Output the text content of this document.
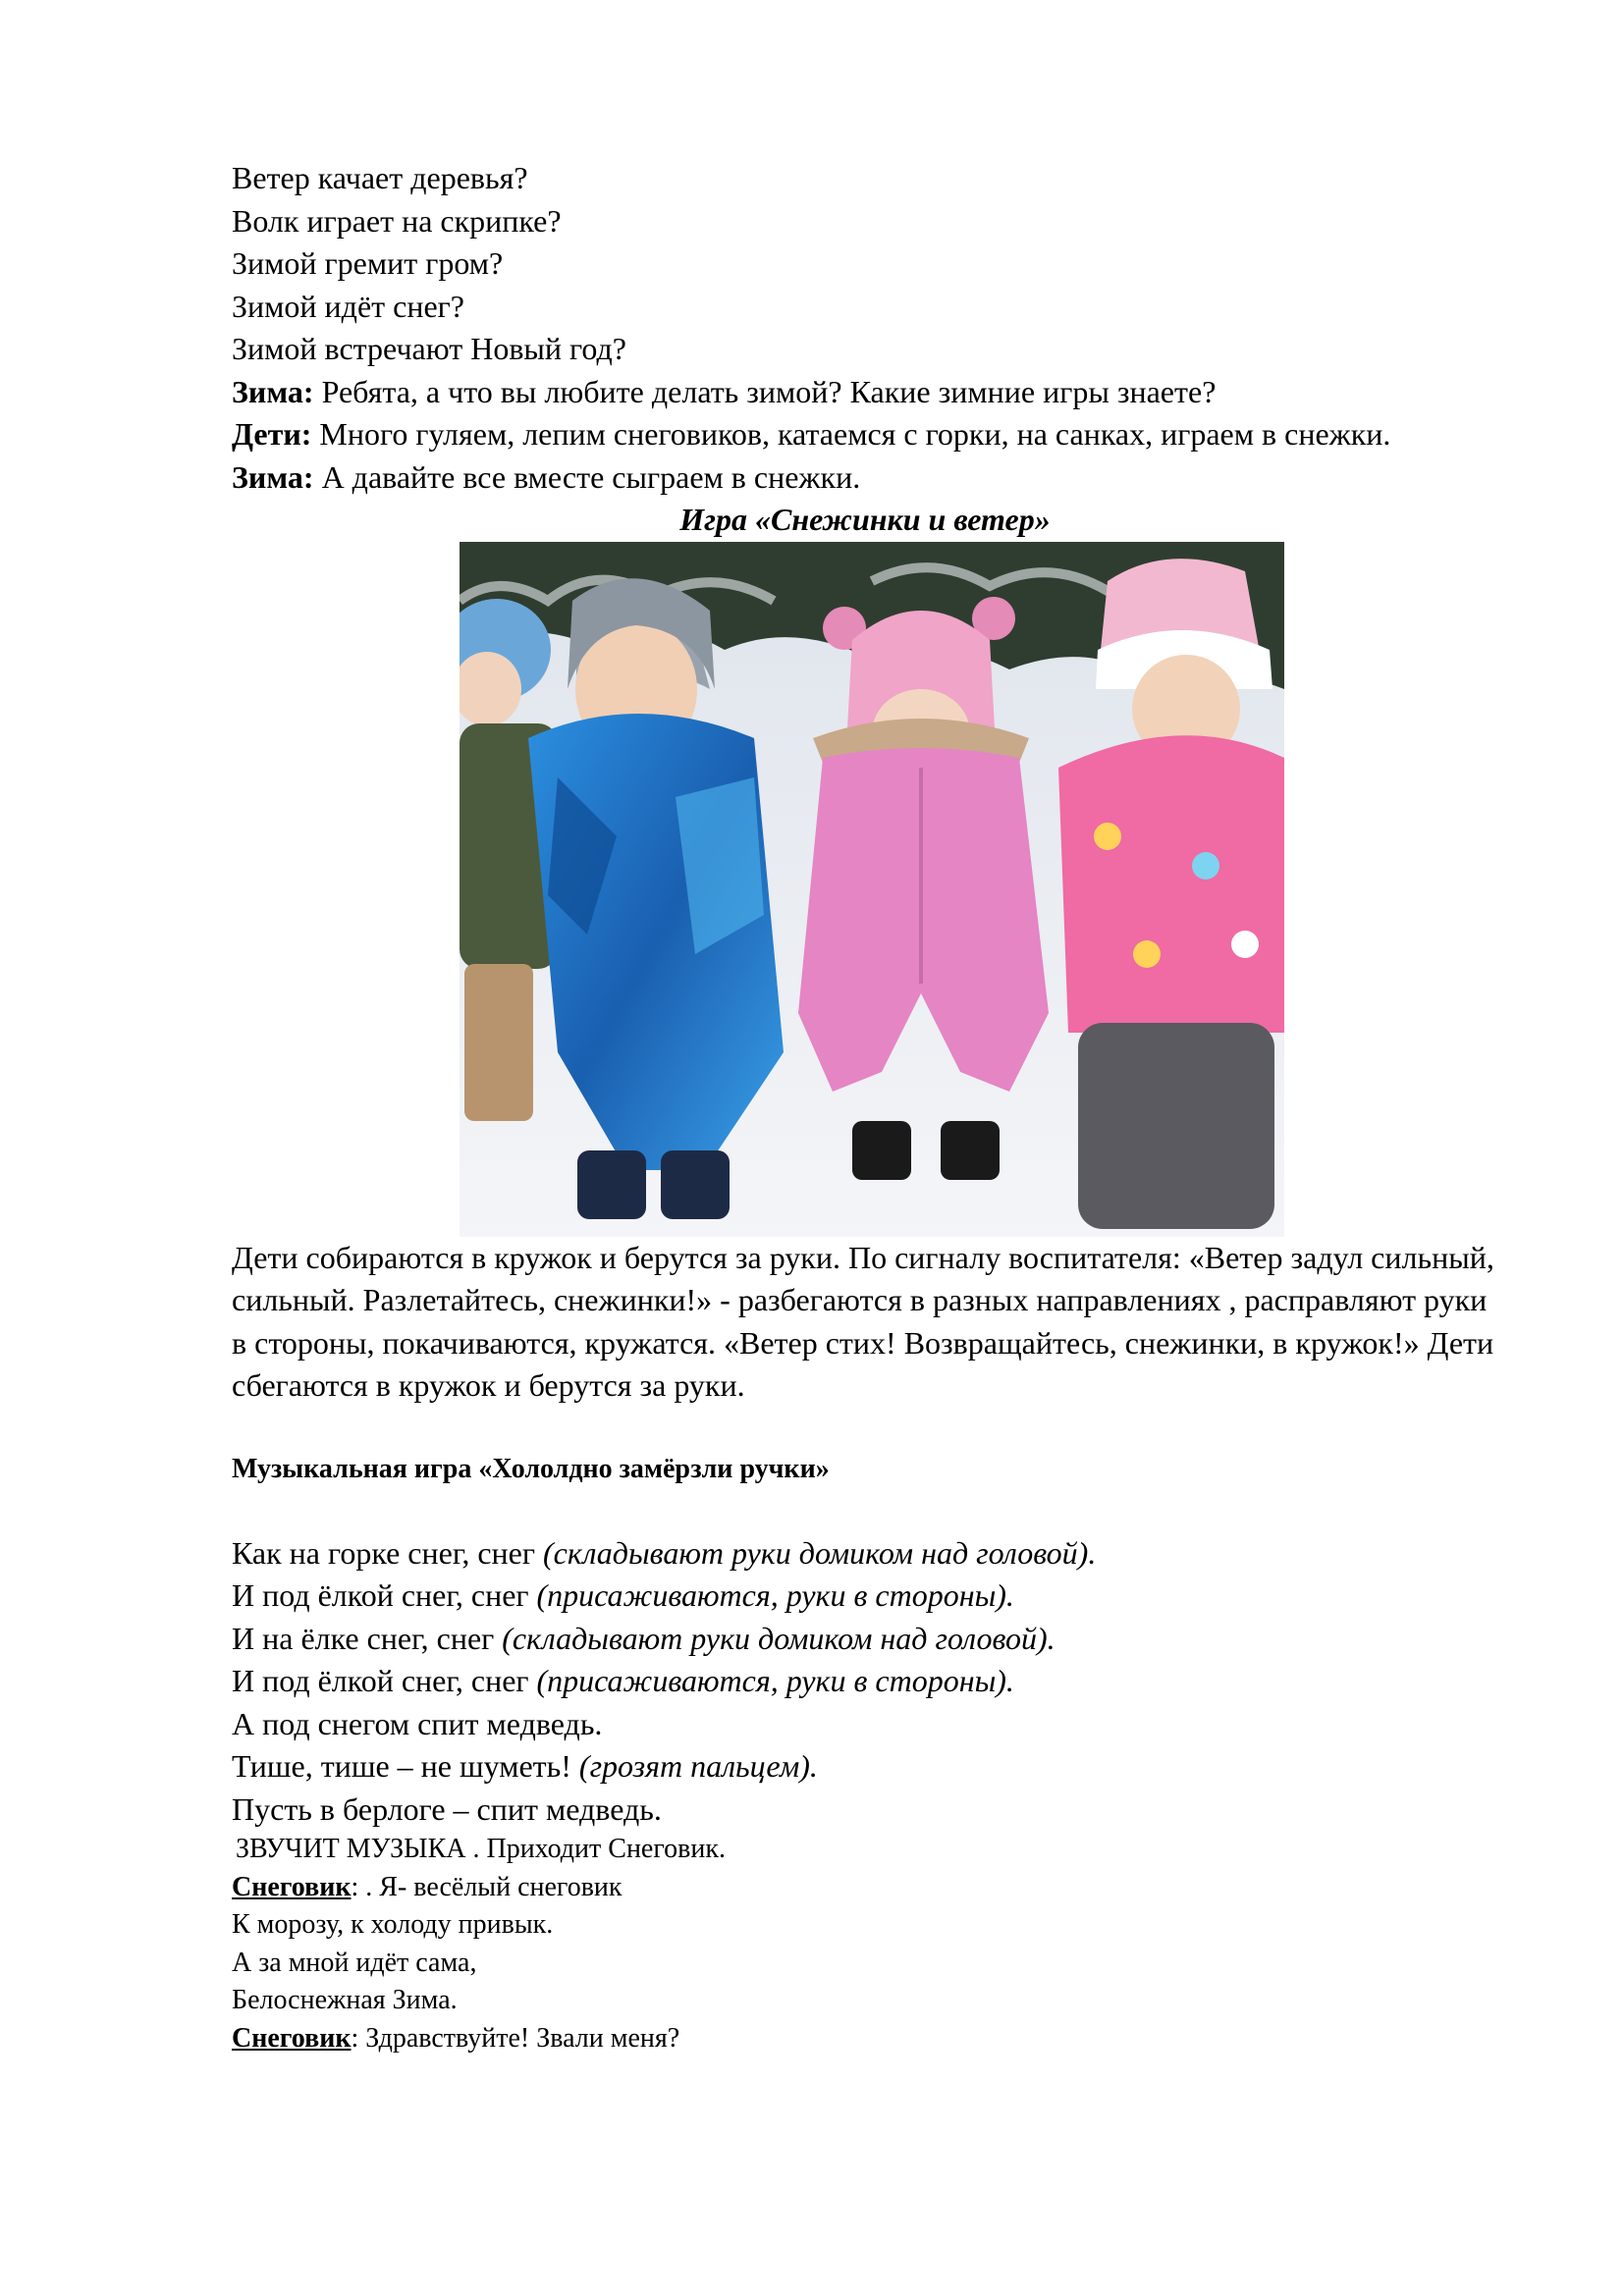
Ветер качает деревья?

Волк играет на скрипке?

Зимой гремит гром?

Зимой идёт снег?

Зимой встречают Новый год?

Зима: Ребята, а что вы любите делать зимой? Какие зимние игры знаете?

Дети: Много гуляем, лепим снеговиков, катаемся с горки, на санках, играем в снежки.

Зима: А давайте все вместе сыграем в снежки.

Игра «Снежинки и ветер»

Дети собираются в кружок и берутся за руки. По сигналу воспитателя: «Ветер задул сильный, сильный. Разлетайтесь, снежинки!» - разбегаются в разных направлениях , расправляют руки в стороны, покачиваются, кружатся. «Ветер стих! Возвращайтесь, снежинки, в кружок!» Дети сбегаются в кружок и берутся за руки.

Музыкальная игра «Хололдно замёрзли ручки»

Как на горке снег, снег (складывают руки домиком над головой).

И под ёлкой снег, снег (присаживаются, руки в стороны).

И на ёлке снег, снег (складывают руки домиком над головой).

И под ёлкой снег, снег (присаживаются, руки в стороны).

А под снегом спит медведь.

Тише, тише – не шуметь! (грозят пальцем).

Пусть в берлоге – спит медведь.

ЗВУЧИТ МУЗЫКА . Приходит Снеговик.

Снеговик: . Я- весёлый снеговик

К морозу, к холоду привык.

А за мной идёт сама,

Белоснежная Зима.

Снеговик: Здравствуйте! Звали меня?
